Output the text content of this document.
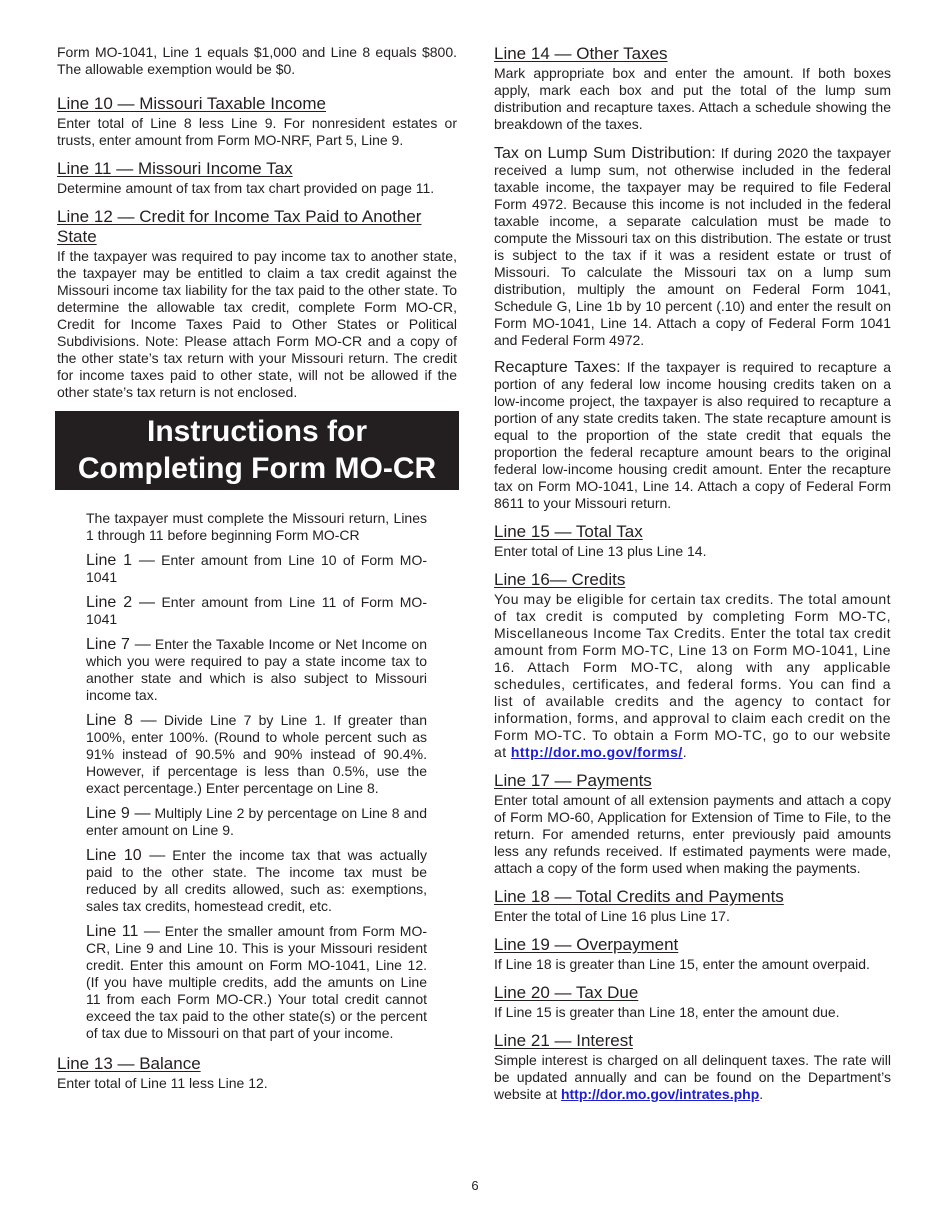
Form MO-1041, Line 1 equals $1,000 and Line 8 equals $800. The allowable exemption would be $0.

Line 10 — Missouri Taxable Income

Enter total of Line 8 less Line 9. For nonresident estates or trusts, enter amount from Form MO-NRF, Part 5, Line 9.

Line 11 — Missouri Income Tax

Determine amount of tax from tax chart provided on page 11.

Line 12 — Credit for Income Tax Paid to Another State

If the taxpayer was required to pay income tax to another state, the taxpayer may be entitled to claim a tax credit against the Missouri income tax liability for the tax paid to the other state. To determine the allowable tax credit, complete Form MO-CR, Credit for Income Taxes Paid to Other States or Political Subdivisions. Note: Please attach Form MO-CR and a copy of the other state’s tax return with your Missouri return. The credit for income taxes paid to other state, will not be allowed if the other state’s tax return is not enclosed.

Instructions for
Completing Form MO-CR

The taxpayer must complete the Missouri return, Lines 1 through 11 before beginning Form MO-CR

Line 1 — Enter amount from Line 10 of Form MO-1041

Line 2 — Enter amount from Line 11 of Form MO-1041

Line 7 — Enter the Taxable Income or Net Income on which you were required to pay a state income tax to another state and which is also subject to Missouri income tax.

Line 8 — Divide Line 7 by Line 1. If greater than 100%, enter 100%. (Round to whole percent such as 91% instead of 90.5% and 90% instead of 90.4%. However, if percentage is less than 0.5%, use the exact percentage.) Enter percentage on Line 8.

Line 9 — Multiply Line 2 by percentage on Line 8 and enter amount on Line 9.

Line 10 — Enter the income tax that was actually paid to the other state. The income tax must be reduced by all credits allowed, such as: exemptions, sales tax credits, homestead credit, etc.

Line 11 — Enter the smaller amount from Form MO-CR, Line 9 and Line 10. This is your Missouri resident credit. Enter this amount on Form MO-1041, Line 12. (If you have multiple credits, add the amunts on Line 11 from each Form MO-CR.) Your total credit cannot exceed the tax paid to the other state(s) or the percent of tax due to Missouri on that part of your income.

Line 13 — Balance

Enter total of Line 11 less Line 12.

Line 14 — Other Taxes

Mark appropriate box and enter the amount. If both boxes apply, mark each box and put the total of the lump sum distribution and recapture taxes. Attach a schedule showing the breakdown of the taxes.

Tax on Lump Sum Distribution: If during 2020 the taxpayer received a lump sum, not otherwise included in the federal taxable income, the taxpayer may be required to file Federal Form 4972. Because this income is not included in the federal taxable income, a separate calculation must be made to compute the Missouri tax on this distribution. The estate or trust is subject to the tax if it was a resident estate or trust of Missouri. To calculate the Missouri tax on a lump sum distribution, multiply the amount on Federal Form 1041, Schedule G, Line 1b by 10 percent (.10) and enter the result on Form MO-1041, Line 14. Attach a copy of Federal Form 1041 and Federal Form 4972.

Recapture Taxes: If the taxpayer is required to recapture a portion of any federal low income housing credits taken on a low-income project, the taxpayer is also required to recapture a portion of any state credits taken. The state recapture amount is equal to the proportion of the state credit that equals the proportion the federal recapture amount bears to the original federal low-income housing credit amount. Enter the recapture tax on Form MO-1041, Line 14. Attach a copy of Federal Form 8611 to your Missouri return.

Line 15 — Total Tax

Enter total of Line 13 plus Line 14.

Line 16— Credits

You may be eligible for certain tax credits. The total amount of tax credit is computed by completing Form MO-TC, Miscellaneous Income Tax Credits. Enter the total tax credit amount from Form MO-TC, Line 13 on Form MO-1041, Line 16. Attach Form MO-TC, along with any applicable schedules, certificates, and federal forms. You can find a list of available credits and the agency to contact for information, forms, and approval to claim each credit on the Form MO-TC. To obtain a Form MO-TC, go to our website at http://dor.mo.gov/forms/.

Line 17 — Payments

Enter total amount of all extension payments and attach a copy of Form MO-60, Application for Extension of Time to File, to the return. For amended returns, enter previously paid amounts less any refunds received. If estimated payments were made, attach a copy of the form used when making the payments.

Line 18 — Total Credits and Payments

Enter the total of Line 16 plus Line 17.

Line 19 — Overpayment

If Line 18 is greater than Line 15, enter the amount overpaid.

Line 20 — Tax Due

If Line 15 is greater than Line 18, enter the amount due.

Line 21 — Interest

Simple interest is charged on all delinquent taxes. The rate will be updated annually and can be found on the Department’s website at http://dor.mo.gov/intrates.php.

6
